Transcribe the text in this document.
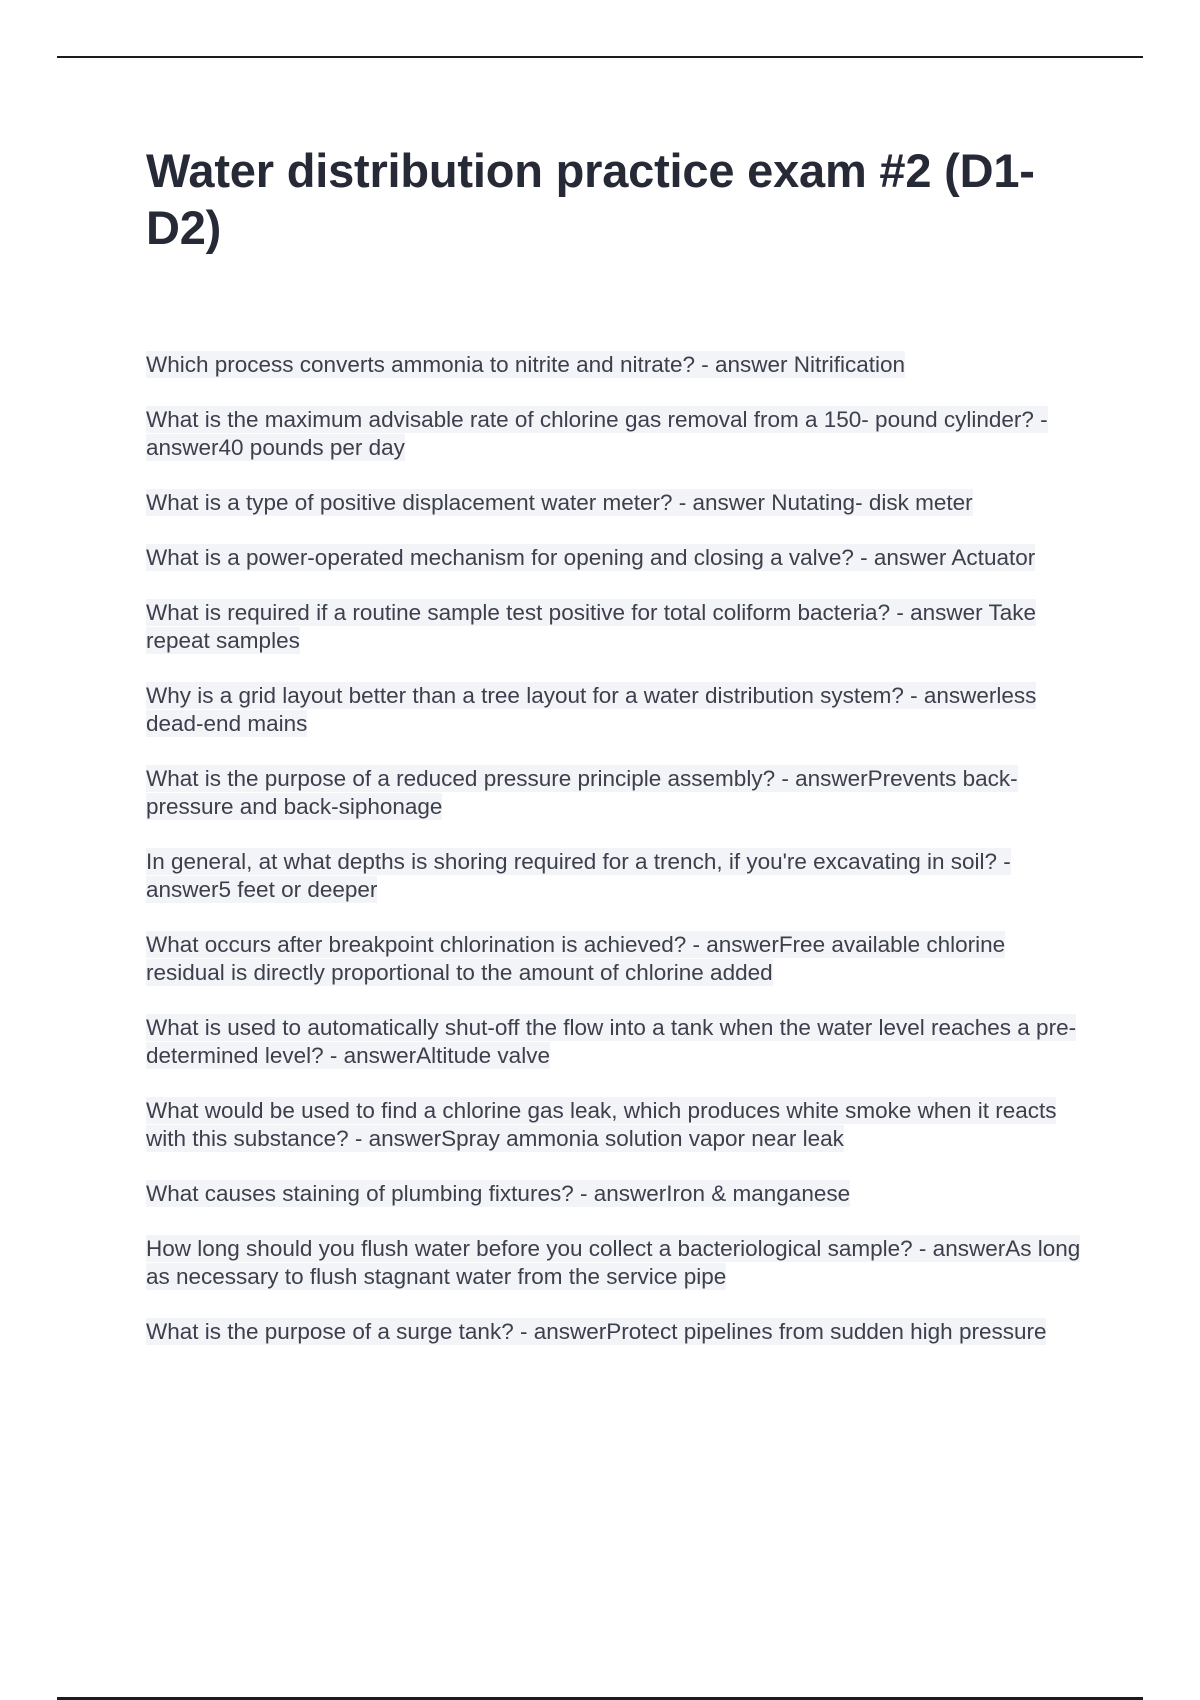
Water distribution practice exam #2 (D1-D2)

Which process converts ammonia to nitrite and nitrate? - answer Nitrification

What is the maximum advisable rate of chlorine gas removal from a 150- pound cylinder? - answer40 pounds per day

What is a type of positive displacement water meter? - answer Nutating- disk meter

What is a power-operated mechanism for opening and closing a valve? - answer Actuator

What is required if a routine sample test positive for total coliform bacteria? - answer Take repeat samples

Why is a grid layout better than a tree layout for a water distribution system? - answerless dead-end mains

What is the purpose of a reduced pressure principle assembly? - answerPrevents back-pressure and back-siphonage

In general, at what depths is shoring required for a trench, if you're excavating in soil? - answer5 feet or deeper

What occurs after breakpoint chlorination is achieved? - answerFree available chlorine residual is directly proportional to the amount of chlorine added

What is used to automatically shut-off the flow into a tank when the water level reaches a pre-determined level? - answerAltitude valve

What would be used to find a chlorine gas leak, which produces white smoke when it reacts with this substance? - answerSpray ammonia solution vapor near leak

What causes staining of plumbing fixtures? - answerIron & manganese

How long should you flush water before you collect a bacteriological sample? - answerAs long as necessary to flush stagnant water from the service pipe

What is the purpose of a surge tank? - answerProtect pipelines from sudden high pressure
